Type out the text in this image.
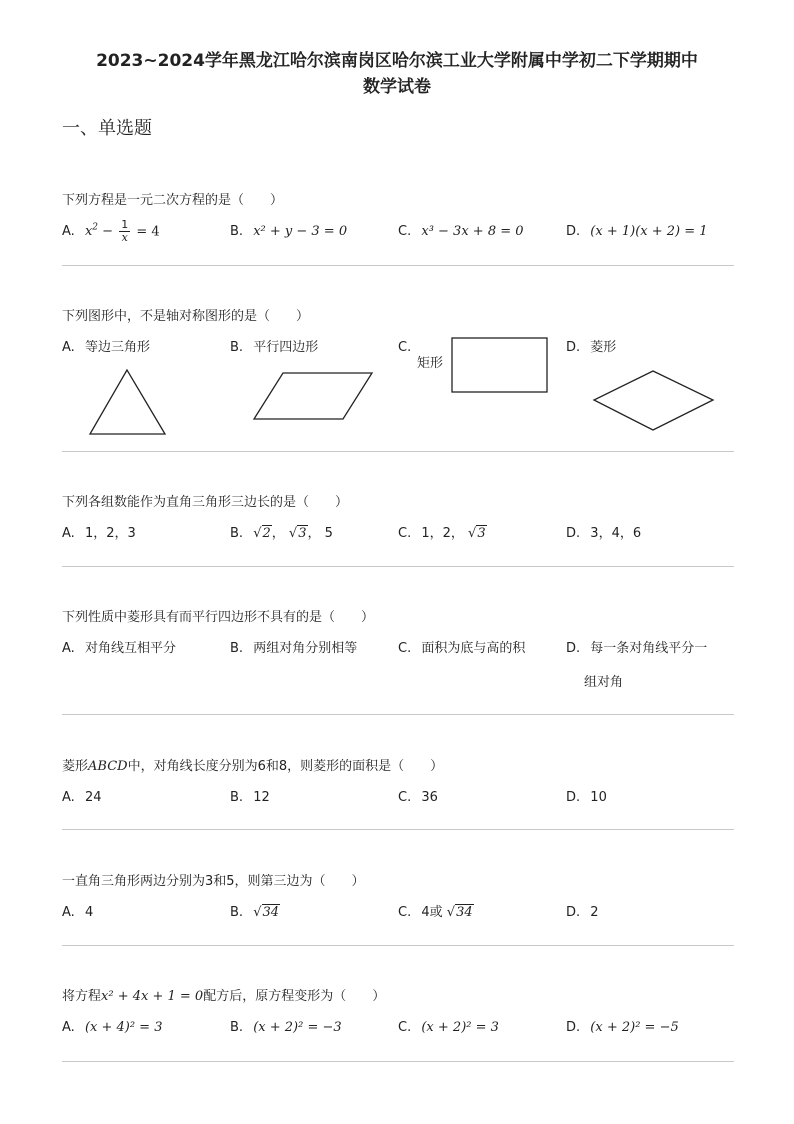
2023~2024学年黑龙江哈尔滨南岗区哈尔滨工业大学附属中学初二下学期期中
数学试卷
一、单选题
下列方程是一元二次方程的是（　　）
A. $x^2 - \frac{1}{x} = 4$	B. x² + y − 3 = 0	C. x³ − 3x + 8 = 0	D. (x + 1)(x + 2) = 1
下列图形中，不是轴对称图形的是（　　）
A. 等边三角形	B. 平行四边形	C.
矩形
D. 菱形
下列各组数能作为直角三角形三边长的是（　　）
A. 1，2，3	B. √2， √3， 5	C. 1，2， √3	D. 3，4，6
下列性质中菱形具有而平行四边形不具有的是（　　）
A. 对角线互相平分	B. 两组对角分别相等	C. 面积为底与高的积	D. 每一条对角线平分一
组对角
菱形ABCD中，对角线长度分别为6和8，则菱形的面积是（　　）
A. 24	B. 12	C. 36	D. 10
一直角三角形两边分别为3和5，则第三边为（　　）
A. 4	B. √34	C. 4或 √34	D. 2
将方程x² + 4x + 1 = 0配方后，原方程变形为（　　）
A. (x + 4)² = 3	B. (x + 2)² = −3	C. (x + 2)² = 3	D. (x + 2)² = −5
